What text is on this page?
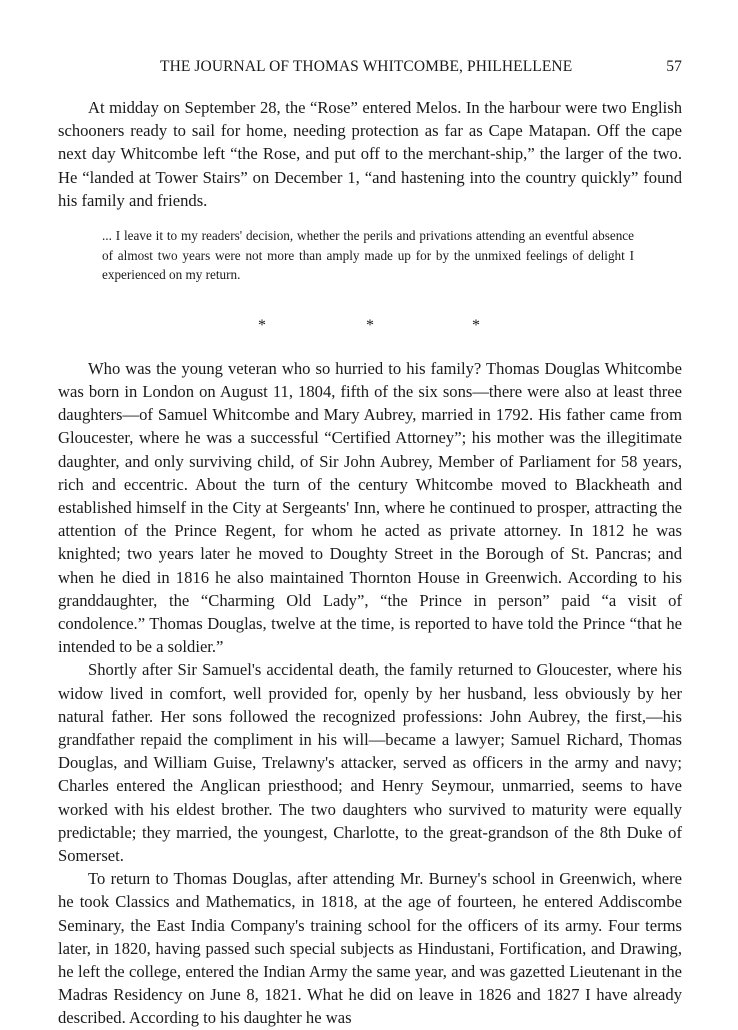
THE JOURNAL OF THOMAS WHITCOMBE, PHILHELLENE	57

At midday on September 28, the “Rose” entered Melos. In the harbour were two English schooners ready to sail for home, needing protection as far as Cape Matapan. Off the cape next day Whitcombe left “the Rose, and put off to the merchant-ship,” the larger of the two. He “landed at Tower Stairs” on December 1, “and hastening into the country quickly” found his family and friends.

... I leave it to my readers' decision, whether the perils and privations attending an eventful absence of almost two years were not more than amply made up for by the unmixed feelings of delight I experienced on my return.
*	*	*

Who was the young veteran who so hurried to his family? Thomas Douglas Whitcombe was born in London on August 11, 1804, fifth of the six sons—there were also at least three daughters—of Samuel Whitcombe and Mary Aubrey, married in 1792. His father came from Gloucester, where he was a successful “Certified Attorney”; his mother was the illegitimate daughter, and only surviving child, of Sir John Aubrey, Member of Parliament for 58 years, rich and eccentric. About the turn of the century Whitcombe moved to Blackheath and established himself in the City at Sergeants' Inn, where he continued to prosper, attracting the attention of the Prince Regent, for whom he acted as private attorney. In 1812 he was knighted; two years later he moved to Doughty Street in the Borough of St. Pancras; and when he died in 1816 he also maintained Thornton House in Greenwich. According to his granddaughter, the “Charming Old Lady”, “the Prince in person” paid “a visit of condolence.” Thomas Douglas, twelve at the time, is reported to have told the Prince “that he intended to be a soldier.”

Shortly after Sir Samuel's accidental death, the family returned to Gloucester, where his widow lived in comfort, well provided for, openly by her husband, less obviously by her natural father. Her sons followed the recognized professions: John Aubrey, the first,—his grandfather repaid the compliment in his will—became a lawyer; Samuel Richard, Thomas Douglas, and William Guise, Trelawny's attacker, served as officers in the army and navy; Charles entered the Anglican priesthood; and Henry Seymour, unmarried, seems to have worked with his eldest brother. The two daughters who survived to maturity were equally predictable; they married, the youngest, Charlotte, to the great-grandson of the 8th Duke of Somerset.

To return to Thomas Douglas, after attending Mr. Burney's school in Greenwich, where he took Classics and Mathematics, in 1818, at the age of fourteen, he entered Addiscombe Seminary, the East India Company's training school for the officers of its army. Four terms later, in 1820, having passed such special subjects as Hindustani, Fortification, and Drawing, he left the college, entered the Indian Army the same year, and was gazetted Lieutenant in the Madras Residency on June 8, 1821. What he did on leave in 1826 and 1827 I have already described. According to his daughter he was
